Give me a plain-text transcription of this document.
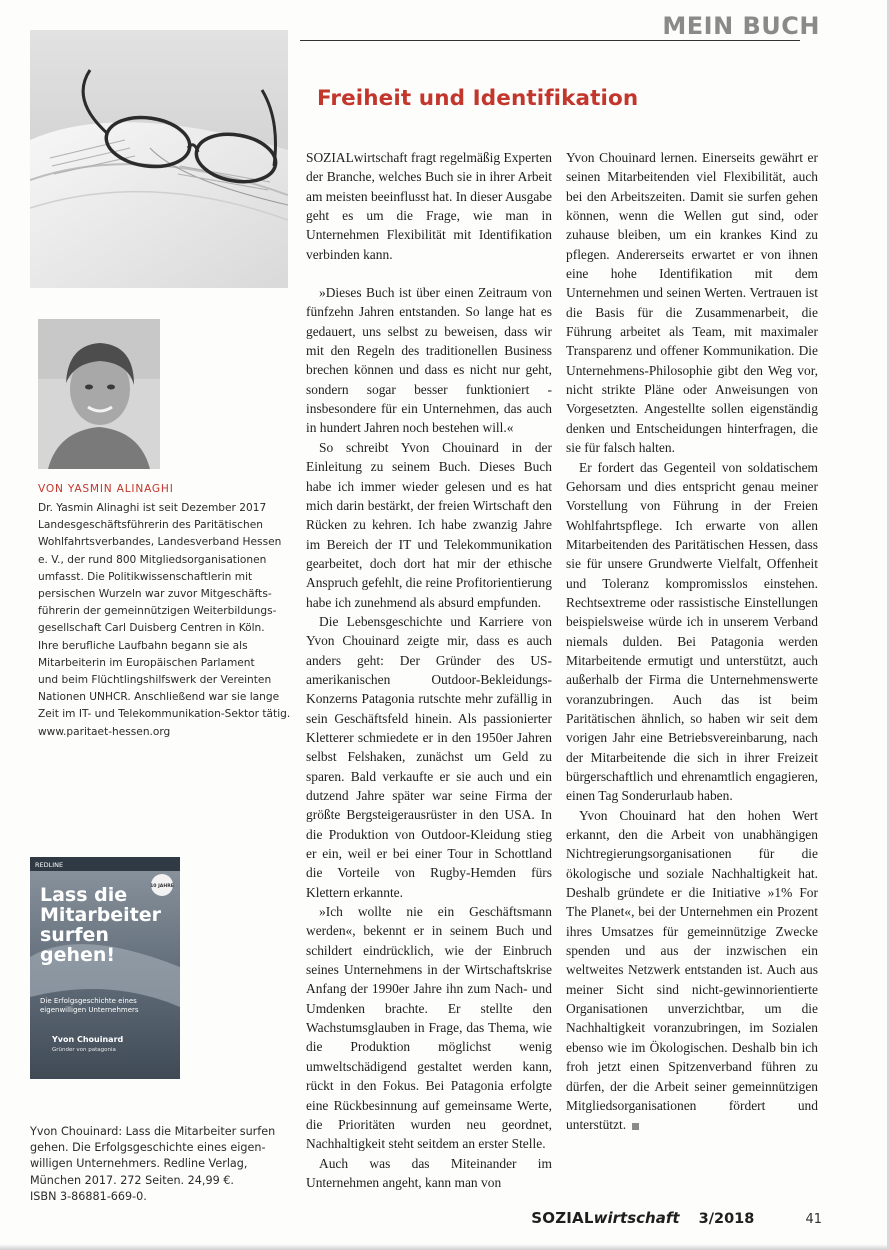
MEIN BUCH
Freiheit und Identifikation
VON YASMIN ALINAGHI

Dr. Yasmin Alinaghi ist seit Dezember 2017

Landesgeschäftsführerin des Paritätischen

Wohlfahrtsverbandes, Landesverband Hessen

e. V., der rund 800 Mitgliedsorganisationen

umfasst. Die Politikwissenschaftlerin mit

persischen Wurzeln war zuvor Mitgeschäfts-

führerin der gemeinnützigen Weiterbildungs-

gesellschaft Carl Duisberg Centren in Köln.

Ihre berufliche Laufbahn begann sie als

Mitarbeiterin im Europäischen Parlament

und beim Flüchtlingshilfswerk der Vereinten

Nationen UNHCR. Anschließend war sie lange

Zeit im IT- und Telekommunikation-Sektor tätig.

www.paritaet-hessen.org

REDLINE
10 JAHRE
Lass die
Mitarbeiter
surfen
gehen!
Die Erfolgsgeschichte eines
eigenwilligen Unternehmers
Yvon Chouinard
Gründer von patagonia

Yvon Chouinard: Lass die Mitarbeiter surfen

gehen. Die Erfolgsgeschichte eines eigen-

willigen Unternehmers. Redline Verlag,

München 2017. 272 Seiten. 24,99 €.

ISBN 3-86881-669-0.

SOZIALwirtschaft fragt regelmäßig Experten der Branche, welches Buch sie in ihrer Arbeit am meisten beeinflusst hat. In dieser Ausgabe geht es um die Frage, wie man in Unternehmen Flexibilität mit Identifikation verbinden kann.

»Dieses Buch ist über einen Zeitraum von fünfzehn Jahren entstanden. So lange hat es gedauert, uns selbst zu beweisen, dass wir mit den Regeln des traditionellen Business brechen können und dass es nicht nur geht, sondern sogar besser funktioniert - insbesondere für ein Unternehmen, das auch in hundert Jahren noch bestehen will.«

So schreibt Yvon Chouinard in der Einleitung zu seinem Buch. Dieses Buch habe ich immer wieder gelesen und es hat mich darin bestärkt, der freien Wirtschaft den Rücken zu kehren. Ich habe zwanzig Jahre im Bereich der IT und Telekommunikation gearbeitet, doch dort hat mir der ethische Anspruch gefehlt, die reine Profitorientierung habe ich zunehmend als absurd empfunden.

Die Lebensgeschichte und Karriere von Yvon Chouinard zeigte mir, dass es auch anders geht: Der Gründer des US-amerikanischen Outdoor-Bekleidungs-Konzerns Patagonia rutschte mehr zufällig in sein Geschäftsfeld hinein. Als passionierter Kletterer schmiedete er in den 1950er Jahren selbst Felshaken, zunächst um Geld zu sparen. Bald verkaufte er sie auch und ein dutzend Jahre später war seine Firma der größte Bergsteigerausrüster in den USA. In die Produktion von Outdoor-Kleidung stieg er ein, weil er bei einer Tour in Schottland die Vorteile von Rugby-Hemden fürs Klettern erkannte.

»Ich wollte nie ein Geschäftsmann werden«, bekennt er in seinem Buch und schildert eindrücklich, wie der Einbruch seines Unternehmens in der Wirtschaftskrise Anfang der 1990er Jahre ihn zum Nach- und Umdenken brachte. Er stellte den Wachstumsglauben in Frage, das Thema, wie die Produktion möglichst wenig umweltschädigend gestaltet werden kann, rückt in den Fokus. Bei Patagonia erfolgte eine Rückbesinnung auf gemeinsame Werte, die Prioritäten wurden neu geordnet, Nachhaltigkeit steht seitdem an erster Stelle.

Auch was das Miteinander im Unternehmen angeht, kann man von

Yvon Chouinard lernen. Einerseits gewährt er seinen Mitarbeitenden viel Flexibilität, auch bei den Arbeitszeiten. Damit sie surfen gehen können, wenn die Wellen gut sind, oder zuhause bleiben, um ein krankes Kind zu pflegen. Andererseits erwartet er von ihnen eine hohe Identifikation mit dem Unternehmen und seinen Werten. Vertrauen ist die Basis für die Zusammenarbeit, die Führung arbeitet als Team, mit maximaler Transparenz und offener Kommunikation. Die Unternehmens-Philosophie gibt den Weg vor, nicht strikte Pläne oder Anweisungen von Vorgesetzten. Angestellte sollen eigenständig denken und Entscheidungen hinterfragen, die sie für falsch halten.

Er fordert das Gegenteil von soldatischem Gehorsam und dies entspricht genau meiner Vorstellung von Führung in der Freien Wohlfahrtspflege. Ich erwarte von allen Mitarbeitenden des Paritätischen Hessen, dass sie für unsere Grundwerte Vielfalt, Offenheit und Toleranz kompromisslos einstehen. Rechtsextreme oder rassistische Einstellungen beispielsweise würde ich in unserem Verband niemals dulden. Bei Patagonia werden Mitarbeitende ermutigt und unterstützt, auch außerhalb der Firma die Unternehmenswerte voranzubringen. Auch das ist beim Paritätischen ähnlich, so haben wir seit dem vorigen Jahr eine Betriebsvereinbarung, nach der Mitarbeitende die sich in ihrer Freizeit bürgerschaftlich und ehrenamtlich engagieren, einen Tag Sonderurlaub haben.

Yvon Chouinard hat den hohen Wert erkannt, den die Arbeit von unabhängigen Nichtregierungsorganisationen für die ökologische und soziale Nachhaltigkeit hat. Deshalb gründete er die Initiative »1% For The Planet«, bei der Unternehmen ein Prozent ihres Umsatzes für gemeinnützige Zwecke spenden und aus der inzwischen ein weltweites Netzwerk entstanden ist. Auch aus meiner Sicht sind nicht-gewinnorientierte Organisationen unverzichtbar, um die Nachhaltigkeit voranzubringen, im Sozialen ebenso wie im Ökologischen. Deshalb bin ich froh jetzt einen Spitzenverband führen zu dürfen, der die Arbeit seiner gemeinnützigen Mitgliedsorganisationen fördert und unterstützt.

SOZIALwirtschaft 3/2018	41
